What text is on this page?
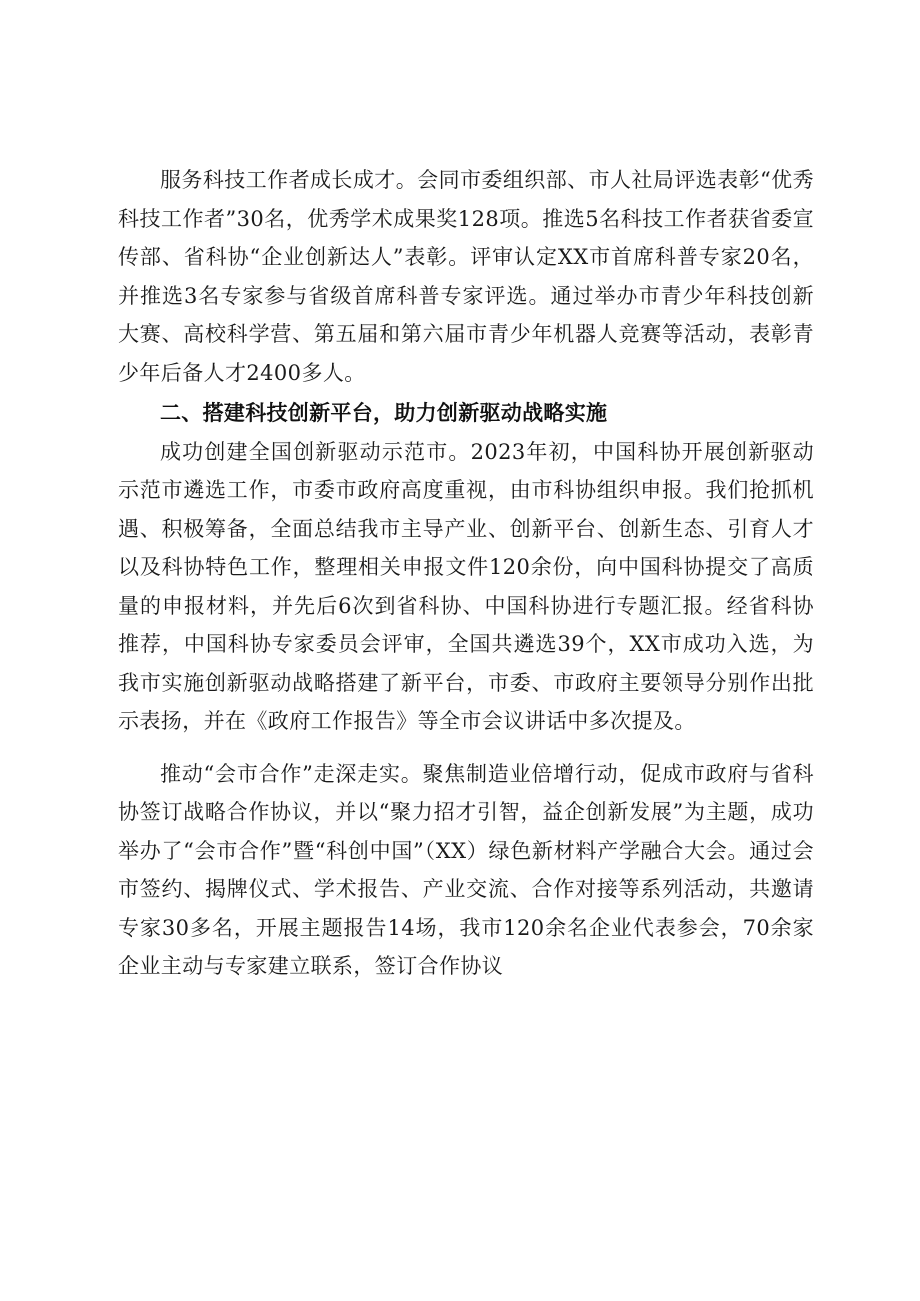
服务科技工作者成长成才。会同市委组织部、市人社局评选表彰“优秀科技工作者”30名，优秀学术成果奖128项。推选5名科技工作者获省委宣传部、省科协“企业创新达人”表彰。评审认定XX市首席科普专家20名，并推选3名专家参与省级首席科普专家评选。通过举办市青少年科技创新大赛、高校科学营、第五届和第六届市青少年机器人竞赛等活动，表彰青少年后备人才2400多人。

二、搭建科技创新平台，助力创新驱动战略实施

成功创建全国创新驱动示范市。2023年初，中国科协开展创新驱动示范市遴选工作，市委市政府高度重视，由市科协组织申报。我们抢抓机遇、积极筹备，全面总结我市主导产业、创新平台、创新生态、引育人才以及科协特色工作，整理相关申报文件120余份，向中国科协提交了高质量的申报材料，并先后6次到省科协、中国科协进行专题汇报。经省科协推荐，中国科协专家委员会评审，全国共遴选39个，XX市成功入选，为我市实施创新驱动战略搭建了新平台，市委、市政府主要领导分别作出批示表扬，并在《政府工作报告》等全市会议讲话中多次提及。

推动“会市合作”走深走实。聚焦制造业倍增行动，促成市政府与省科协签订战略合作协议，并以“聚力招才引智，益企创新发展”为主题，成功举办了“会市合作”暨“科创中国”（XX）绿色新材料产学融合大会。通过会市签约、揭牌仪式、学术报告、产业交流、合作对接等系列活动，共邀请专家30多名，开展主题报告14场，我市120余名企业代表参会，70余家企业主动与专家建立联系，签订合作协议
